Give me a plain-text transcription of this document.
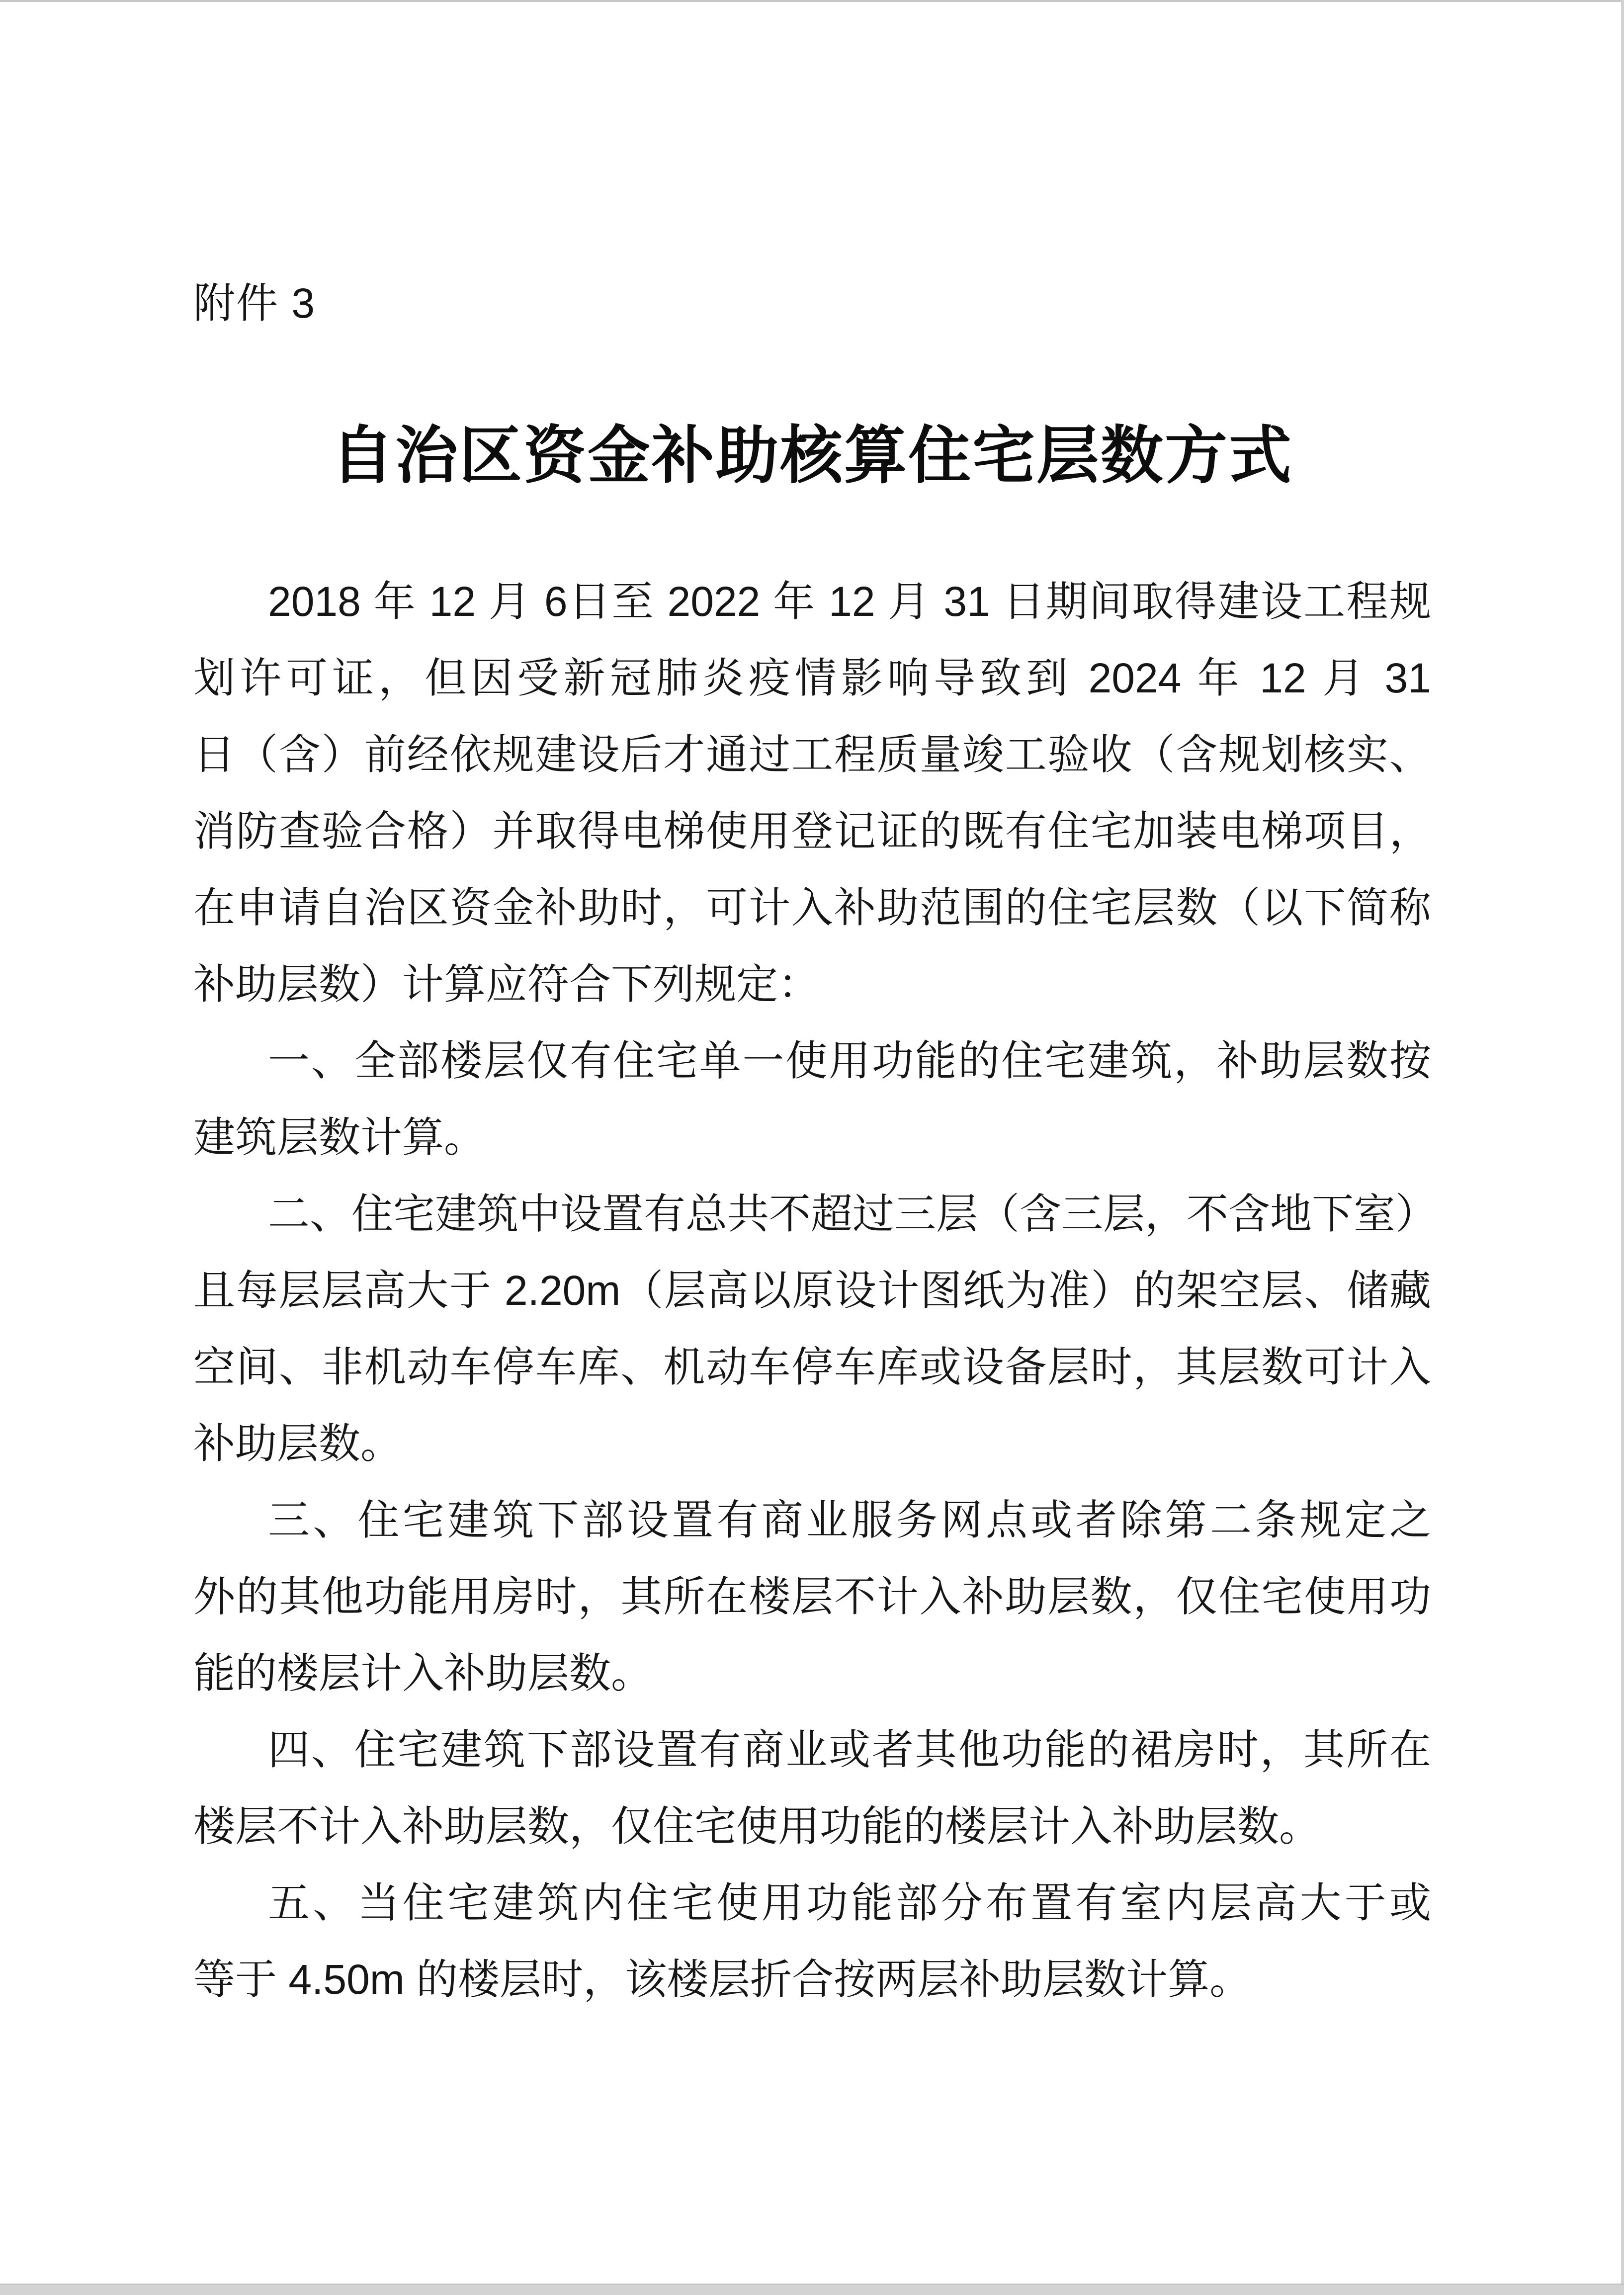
附件 3
自治区资金补助核算住宅层数方式
2018 年 12 月 6日至 2022 年 12 月 31 日期间取得建设工程规
划许可证，但因受新冠肺炎疫情影响导致到 2024 年 12 月 31
日（含）前经依规建设后才通过工程质量竣工验收（含规划核实、
消防查验合格）并取得电梯使用登记证的既有住宅加装电梯项目，
在申请自治区资金补助时，可计入补助范围的住宅层数（以下简称
补助层数）计算应符合下列规定：
一、全部楼层仅有住宅单一使用功能的住宅建筑，补助层数按
建筑层数计算。
二、住宅建筑中设置有总共不超过三层（含三层，不含地下室）
且每层层高大于 2.20m（层高以原设计图纸为准）的架空层、储藏
空间、非机动车停车库、机动车停车库或设备层时，其层数可计入
补助层数。
三、住宅建筑下部设置有商业服务网点或者除第二条规定之
外的其他功能用房时，其所在楼层不计入补助层数，仅住宅使用功
能的楼层计入补助层数。
四、住宅建筑下部设置有商业或者其他功能的裙房时，其所在
楼层不计入补助层数，仅住宅使用功能的楼层计入补助层数。
五、当住宅建筑内住宅使用功能部分布置有室内层高大于或
等于 4.50m 的楼层时，该楼层折合按两层补助层数计算。
